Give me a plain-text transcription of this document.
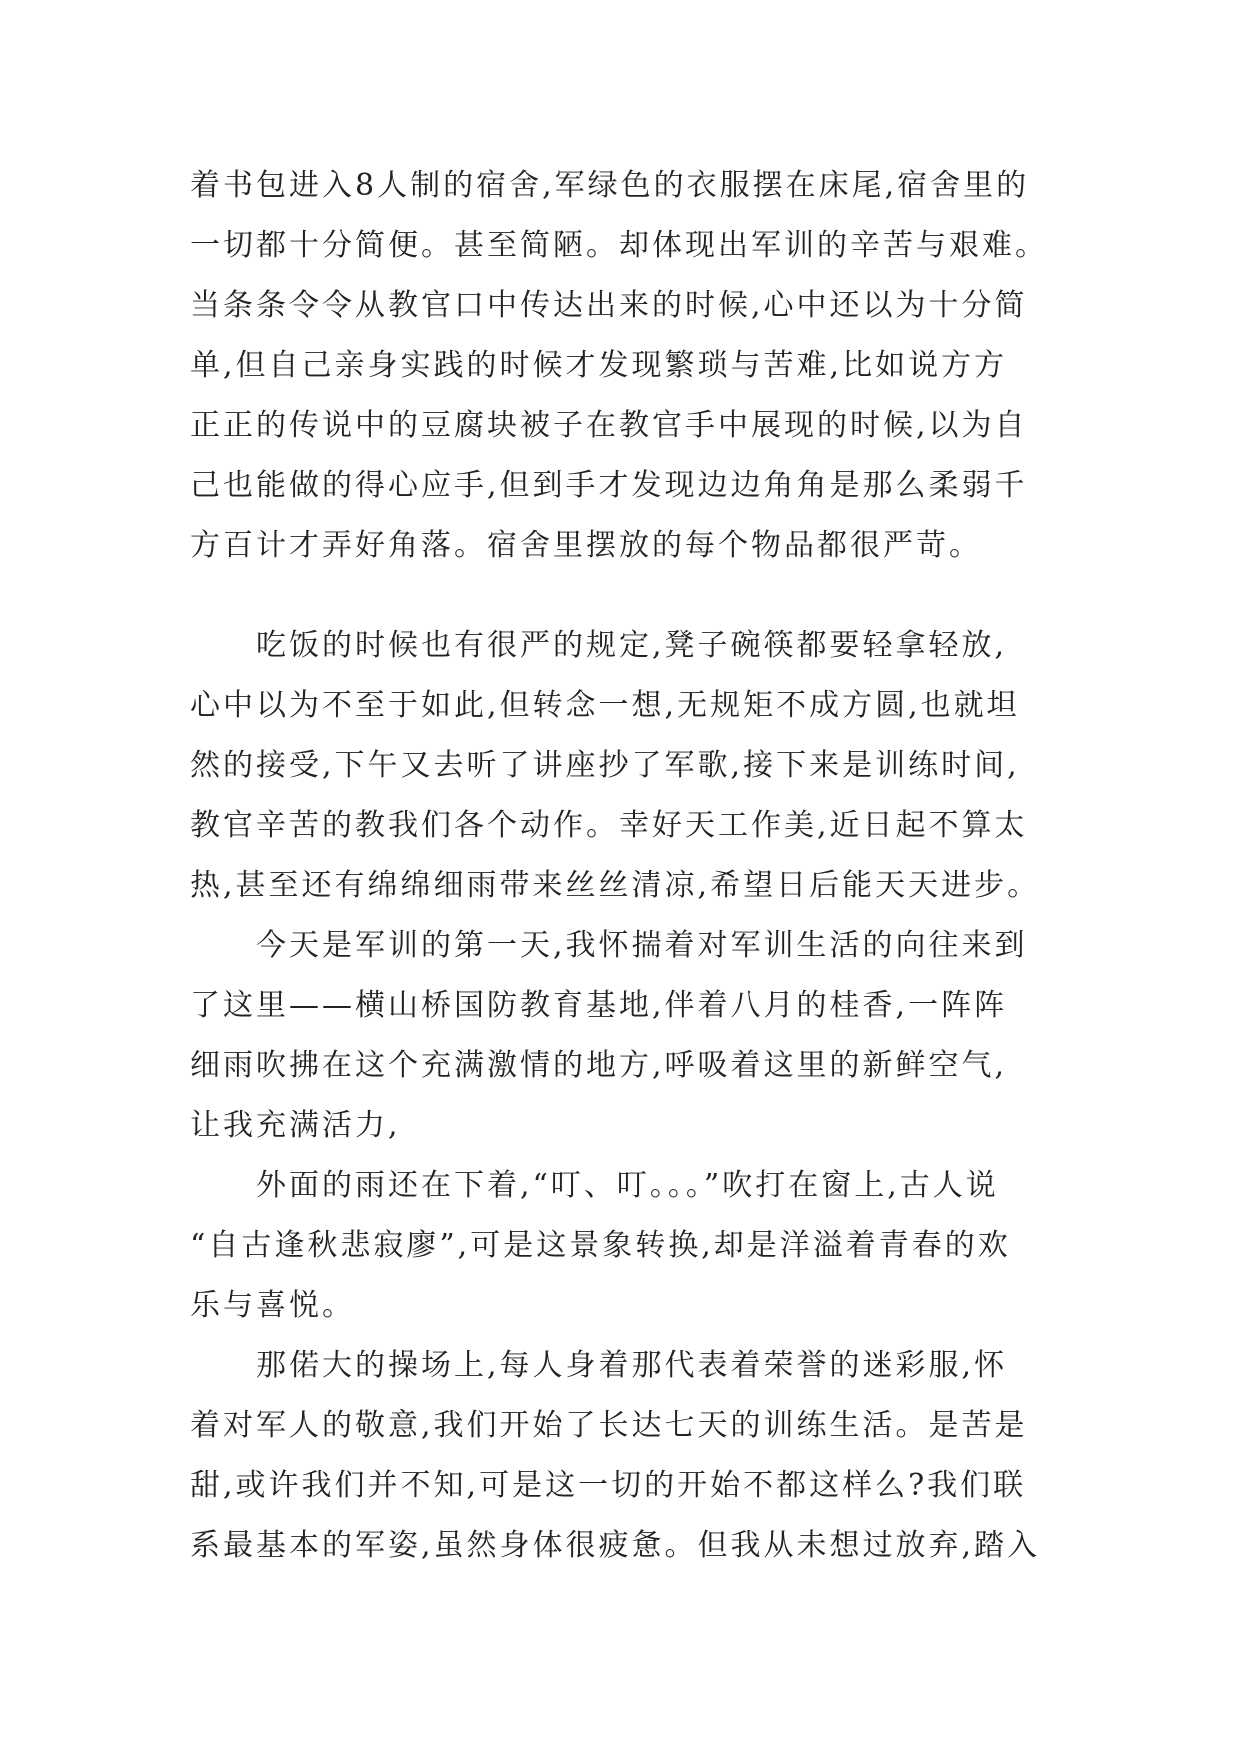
着书包进入8人制的宿舍,军绿色的衣服摆在床尾,宿舍里的
一切都十分简便。甚至简陋。却体现出军训的辛苦与艰难。
当条条令令从教官口中传达出来的时候,心中还以为十分简
单,但自己亲身实践的时候才发现繁琐与苦难,比如说方方
正正的传说中的豆腐块被子在教官手中展现的时候,以为自
己也能做的得心应手,但到手才发现边边角角是那么柔弱千
方百计才弄好角落。宿舍里摆放的每个物品都很严苛。
吃饭的时候也有很严的规定,凳子碗筷都要轻拿轻放,
心中以为不至于如此,但转念一想,无规矩不成方圆,也就坦
然的接受,下午又去听了讲座抄了军歌,接下来是训练时间,
教官辛苦的教我们各个动作。幸好天工作美,近日起不算太
热,甚至还有绵绵细雨带来丝丝清凉,希望日后能天天进步。
今天是军训的第一天,我怀揣着对军训生活的向往来到
了这里——横山桥国防教育基地,伴着八月的桂香,一阵阵
细雨吹拂在这个充满激情的地方,呼吸着这里的新鲜空气,
让我充满活力,
外面的雨还在下着,“叮、叮。。。”吹打在窗上,古人说
“自古逢秋悲寂廖”,可是这景象转换,却是洋溢着青春的欢
乐与喜悦。
那偌大的操场上,每人身着那代表着荣誉的迷彩服,怀
着对军人的敬意,我们开始了长达七天的训练生活。是苦是
甜,或许我们并不知,可是这一切的开始不都这样么?我们联
系最基本的军姿,虽然身体很疲惫。但我从未想过放弃,踏入
